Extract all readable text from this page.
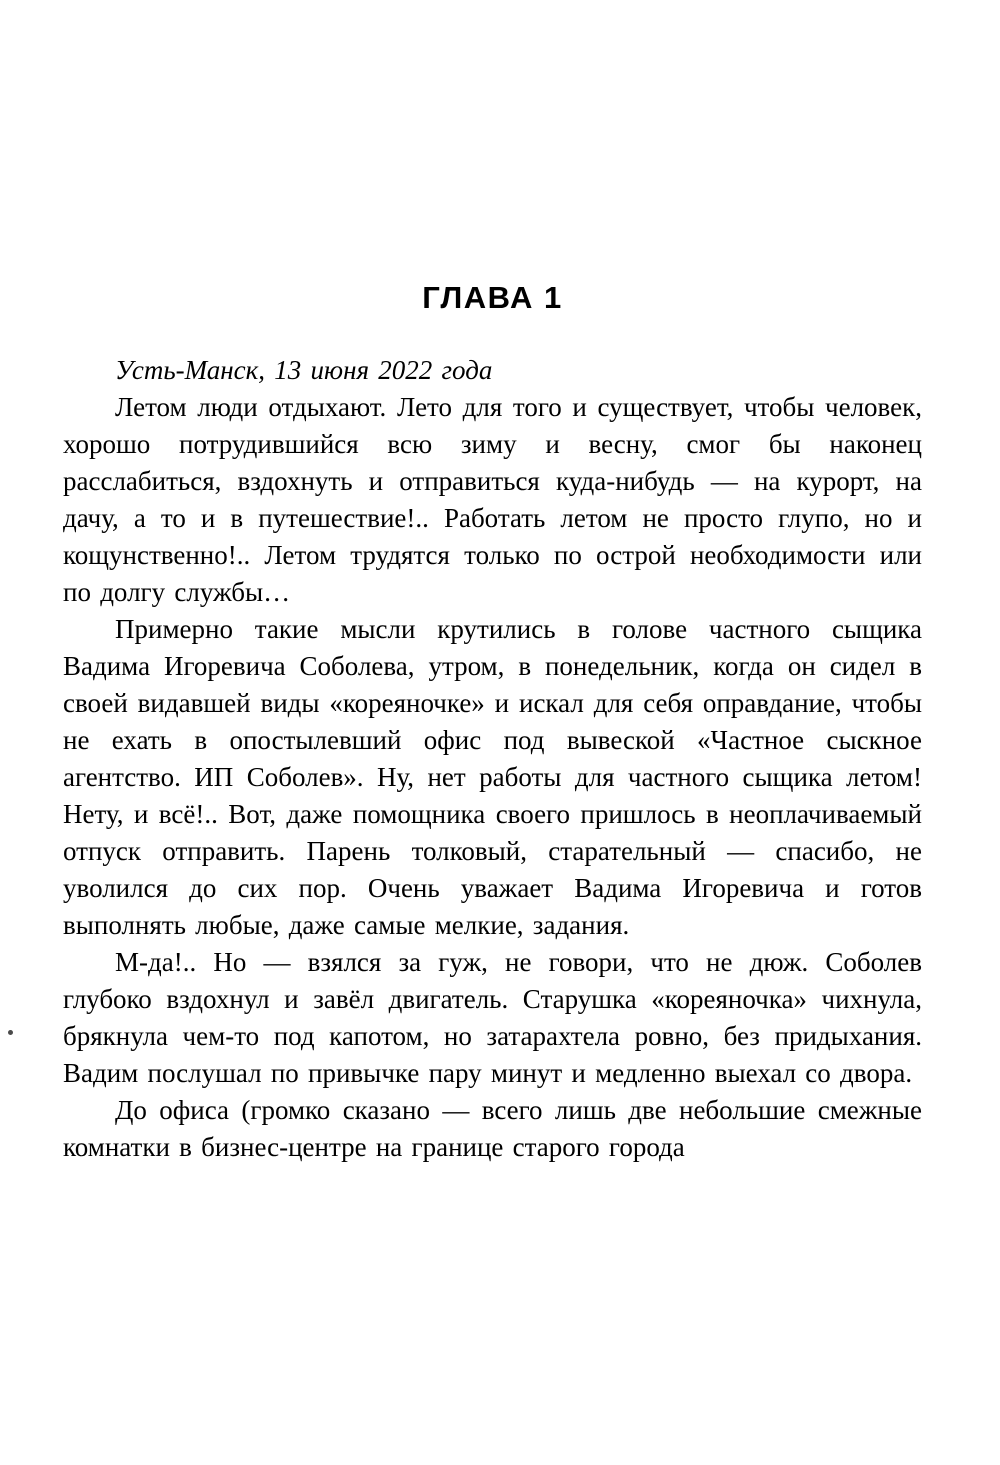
ГЛАВА 1

Усть-Манск, 13 июня 2022 года

Летом люди отдыхают. Лето для того и существует, чтобы человек, хорошо потрудившийся всю зиму и весну, смог бы наконец расслабиться, вздохнуть и отправиться куда-нибудь — на курорт, на дачу, а то и в путешествие!.. Работать летом не просто глупо, но и кощунственно!.. Летом трудятся только по острой необходимости или по долгу службы…

Примерно такие мысли крутились в голове частного сыщика Вадима Игоревича Соболева, утром, в понедельник, когда он сидел в своей видавшей виды «кореяночке» и искал для себя оправдание, чтобы не ехать в опостылевший офис под вывеской «Частное сыскное агентство. ИП Соболев». Ну, нет работы для частного сыщика летом! Нету, и всё!.. Вот, даже помощника своего пришлось в неоплачиваемый отпуск отправить. Парень толковый, старательный — спасибо, не уволился до сих пор. Очень уважает Вадима Игоревича и готов выполнять любые, даже самые мелкие, задания.

М-да!.. Но — взялся за гуж, не говори, что не дюж. Соболев глубоко вздохнул и завёл двигатель. Старушка «кореяночка» чихнула, брякнула чем-то под капотом, но затарахтела ровно, без придыхания. Вадим послушал по привычке пару минут и медленно выехал со двора.

До офиса (громко сказано — всего лишь две небольшие смежные комнатки в бизнес-центре на границе старого города
